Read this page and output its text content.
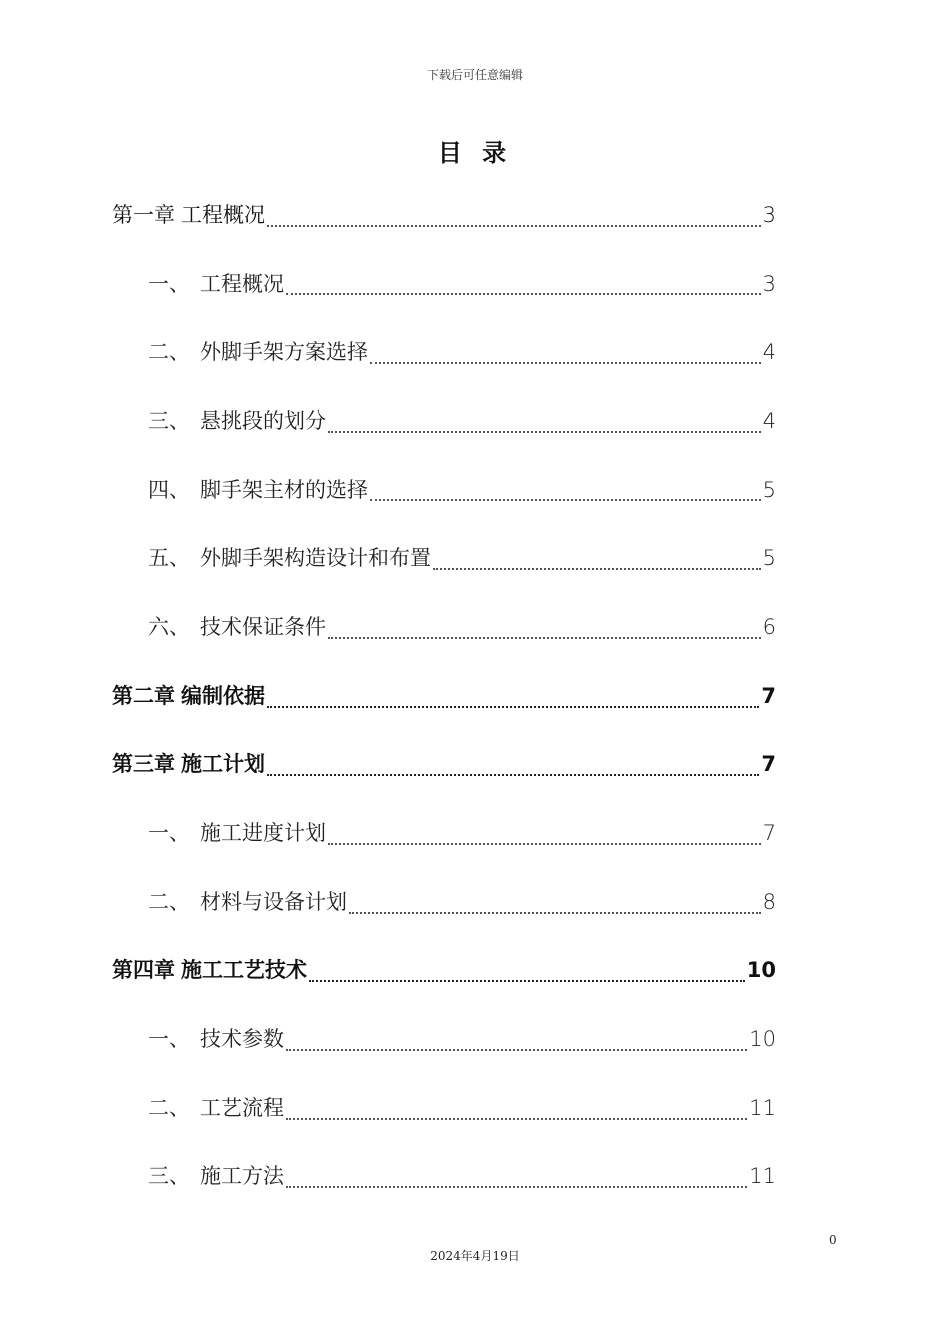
下载后可任意编辑
目 录
第一章 工程概况	3
一、 工程概况	3
二、 外脚手架方案选择	4
三、 悬挑段的划分	4
四、 脚手架主材的选择	5
五、 外脚手架构造设计和布置	5
六、 技术保证条件	6
第二章 编制依据	7
第三章 施工计划	7
一、 施工进度计划	7
二、 材料与设备计划	8
第四章 施工工艺技术	10
一、 技术参数	10
二、 工艺流程	11
三、 施工方法	11
0
2024年4月19日
